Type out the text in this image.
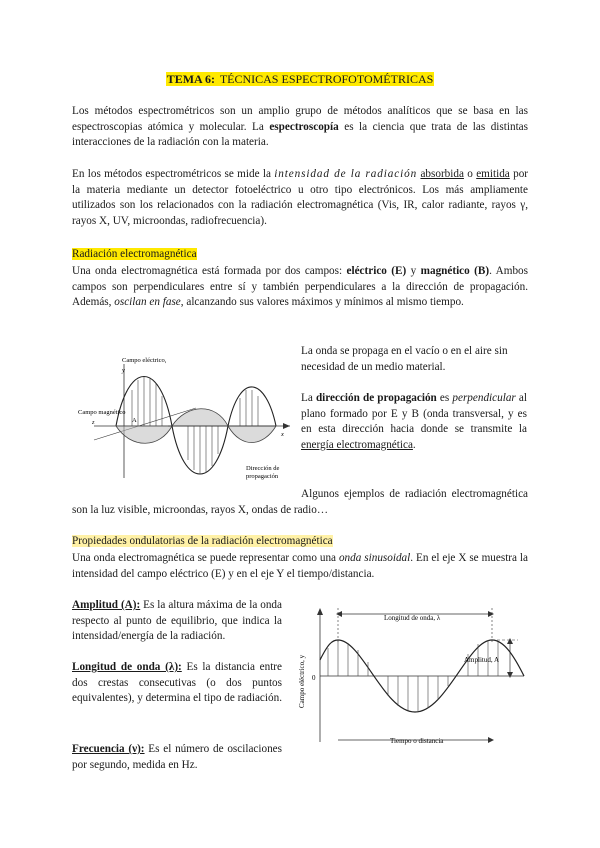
TEMA 6: TÉCNICAS ESPECTROFOTOMÉTRICAS

Los métodos espectrométricos son un amplio grupo de métodos analíticos que se basa en las espectroscopias atómica y molecular. La espectroscopía es la ciencia que trata de las distintas interacciones de la radiación con la materia.

En los métodos espectrométricos se mide la intensidad de la radiación absorbida o emitida por la materia mediante un detector fotoeléctrico u otro tipo electrónicos. Los más ampliamente utilizados son los relacionados con la radiación electromagnética (Vis, IR, calor radiante, rayos γ, rayos X, UV, microondas, radiofrecuencia).

Radiación electromagnética

Una onda electromagnética está formada por dos campos: eléctrico (E) y magnético (B). Ambos campos son perpendiculares entre sí y también perpendiculares a la dirección de propagación. Además, oscilan en fase, alcanzando sus valores máximos y mínimos al mismo tiempo.

Campo eléctrico,
y
Campo magnético
z	A
x
Dirección de
propagación

La onda se propaga en el vacío o en el aire sin necesidad de un medio material.

La dirección de propagación es perpendicular al plano formado por E y B (onda transversal, y es en esta dirección hacia donde se transmite la energía electromagnética.

Algunos ejemplos de radiación electromagnética son la luz visible, microondas, rayos X, ondas de radio…

Propiedades ondulatorias de la radiación electromagnética

Una onda electromagnética se puede representar como una onda sinusoidal. En el eje X se muestra la intensidad del campo eléctrico (E) y en el eje Y el tiempo/distancia.

Amplitud (A): Es la altura máxima de la onda respecto al punto de equilibrio, que indica la intensidad/energía de la radiación.

Longitud de onda (λ): Es la distancia entre dos crestas consecutivas (o dos puntos equivalentes), y determina el tipo de radiación.

Frecuencia (ν): Es el número de oscilaciones por segundo, medida en Hz.

Longitud de onda, λ
Amplitud, A
0
Campo eléctrico, y
Tiempo o distancia
